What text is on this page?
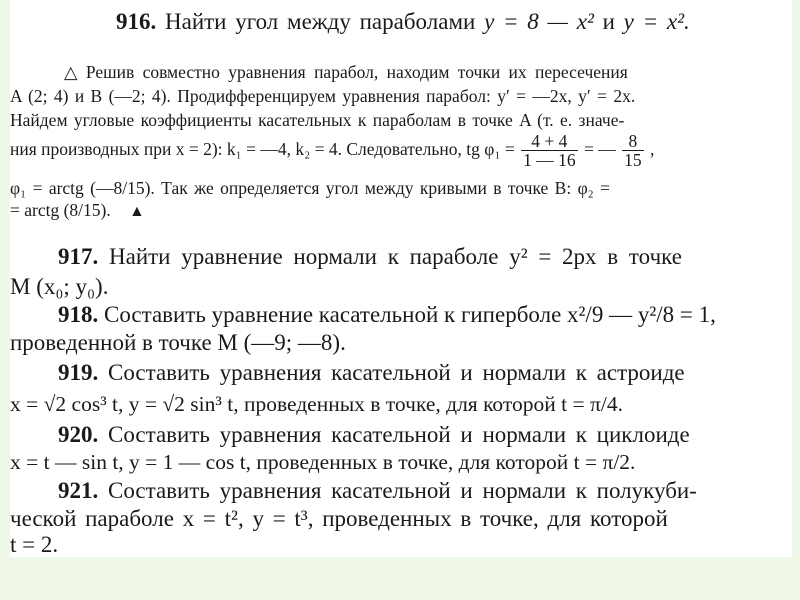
916. Найти угол между параболами y = 8 — x² и y = x².
△ Решив совместно уравнения парабол, находим точки их пересечения
A (2; 4) и B (—2; 4). Продифференцируем уравнения парабол: y′ = —2x, y′ = 2x.
Найдем угловые коэффициенты касательных к параболам в точке A (т. е. значе-
ния производных при x = 2): k₁ = —4, k₂ = 4. Следовательно, tg $\varphi_1 = \frac{4 + 4}{1 — 16}$ = — $\frac{8}{15}$ ,
φ₁ = arctg (—8/15). Так же определяется угол между кривыми в точке B: φ₂ =
= arctg (8/15). ▲
917. Найти уравнение нормали к параболе y² = 2px в точке
M (x₀; y₀).
918. Составить уравнение касательной к гиперболе x²/9 — y²/8 = 1,
проведенной в точке M (—9; —8).
919. Составить уравнения касательной и нормали к астроиде
x = √2 cos³ t, y = √2 sin³ t, проведенных в точке, для которой t = π/4.
920. Составить уравнения касательной и нормали к циклоиде
x = t — sin t, y = 1 — cos t, проведенных в точке, для которой t = π/2.
921. Составить уравнения касательной и нормали к полукуби-
ческой параболе x = t², y = t³, проведенных в точке, для которой
t = 2.
